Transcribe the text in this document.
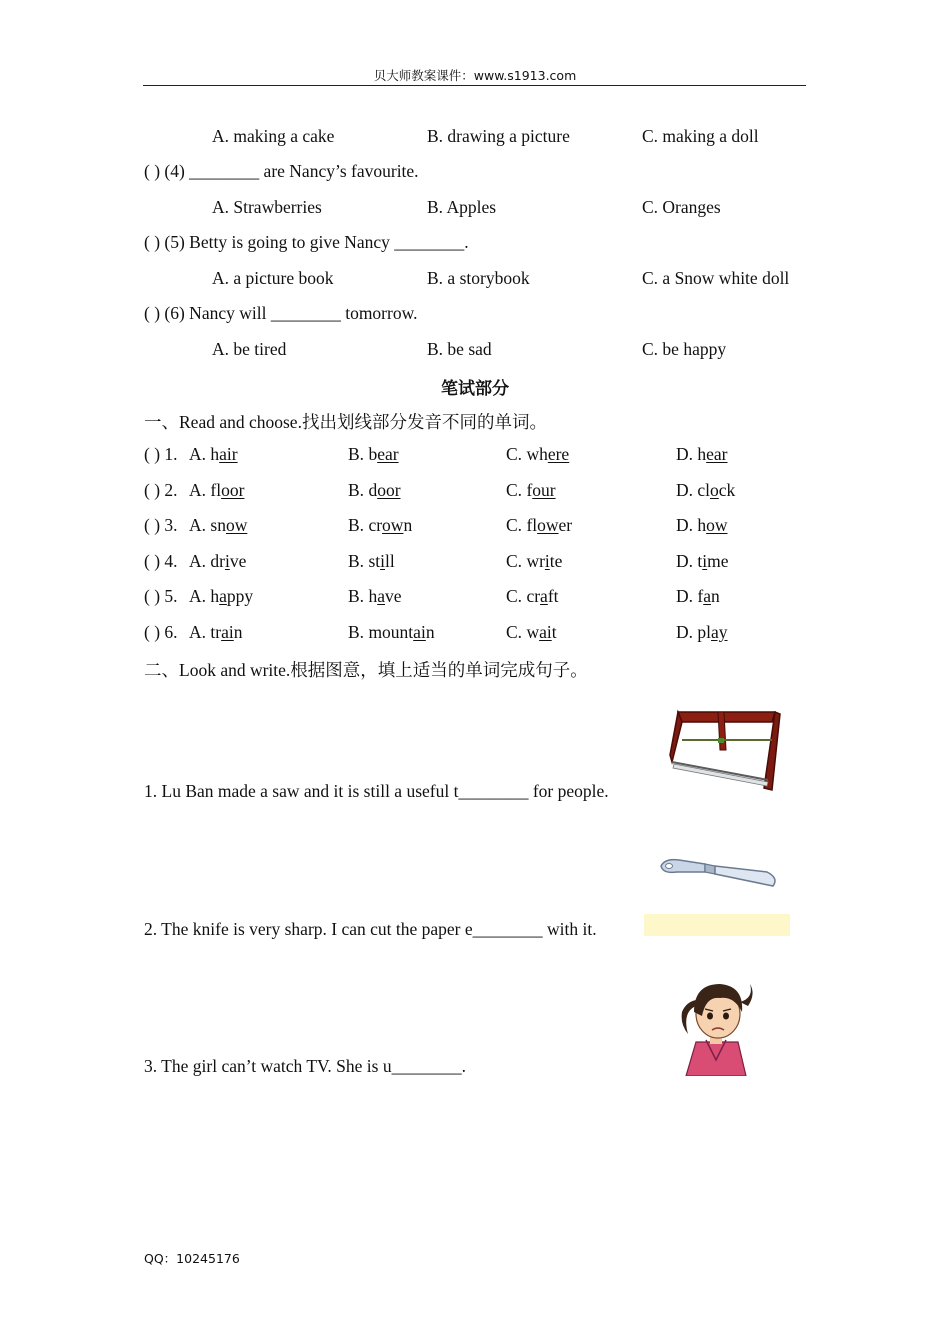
贝大师教案课件：www.s1913.com
A. making a cake	B. drawing a picture	C. making a doll
( ) (4) ________ are Nancy’s favourite.
A. Strawberries	B. Apples	C. Oranges
( ) (5) Betty is going to give Nancy ________.
A. a picture book	B. a storybook	C. a Snow white doll
( ) (6) Nancy will ________ tomorrow.
A. be tired	B. be sad	C. be happy
笔试部分
一、Read and choose.找出划线部分发音不同的单词。
( ) 1. A. hair	B. bear	C. where	D. hear
( ) 2. A. floor	B. door	C. four	D. clock
( ) 3. A. snow	B. crown	C. flower	D. how
( ) 4. A. drive	B. still	C. write	D. time
( ) 5. A. happy	B. have	C. craft	D. fan
( ) 6. A. train	B. mountain	C. wait	D. play
二、Look and write.根据图意，填上适当的单词完成句子。
1. Lu Ban made a saw and it is still a useful t________ for people.
2. The knife is very sharp. I can cut the paper e________ with it.
3. The girl can’t watch TV. She is u________.
QQ：10245176
